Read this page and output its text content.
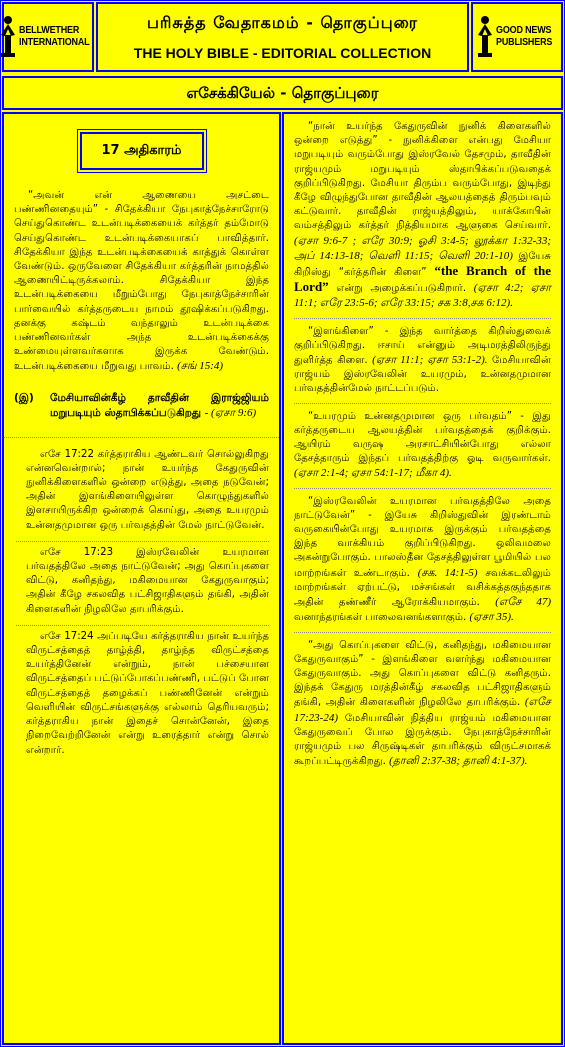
BELLWETHER
INTERNATIONAL
பரிசுத்த வேதாகமம் - தொகுப்புரை
THE HOLY BIBLE - EDITORIAL COLLECTION
GOOD NEWS
PUBLISHERS
எசேக்கியேல் - தொகுப்புரை
17 அதிகாரம்

“அவன் என் ஆணையை அசட்டை பண்ணினதையும்” - சிதேக்கியா நேபுகாத்நேச்சாரோடு செய்துகொண்ட உடன்படிக்கையைக் கர்த்தர் தம்மோடு செய்துகொண்ட உடன்படிக்கையாகப் பாவித்தார். சிதேக்கியா இந்த உடன்படிக்கையைக் காத்துக் கொள்ள வேண்டும். ஒருவேளை சிதேக்கியா கர்த்தரின் நாமத்தில் ஆணையிட்டிருக்கலாம். சிதேக்கியா இந்த உடன்படிக்கையை மீறும்போது நேபுகாத்நேச்சாரின் பார்வையில் கர்த்தருடைய நாமம் தூஷிக்கப்படுகிறது. தனக்கு கஷ்டம் வந்தாலும் உடன்படிக்கை பண்ணினவர்கள் அந்த உடன்படிக்கைக்கு உண்மையுள்ளவர்களாக இருக்க வேண்டும். உடன்படிக்கையை மீறுவது பாவம். (சங் 15:4)

(இ)	மேசியாவின்கீழ் தாவீதின் இராஜ்ஜியம் மறுபடியும் ஸ்தாபிக்கப்படுகிறது - (ஏசா 9:6)

எசே 17:22 கர்த்தராகிய ஆண்டவர் சொல்லுகிறது என்னவென்றால்; நான் உயர்ந்த கேதுருவின் நுனிக்கிளைகளில் ஒன்றை எடுத்து, அதை நடுவேன்; அதின் இளங்கிளையிலுள்ள கொழுந்துகளில் இளசாயிருக்கிற ஒன்றைக் கொய்து, அதை உயரமும் உன்னதமுமான ஒரு பர்வதத்தின் மேல் நாட்டுவேன்.

எசே 17:23 இஸ்ரவேலின் உயரமான பர்வதத்திலே அதை நாட்டுவேன்; அது கொப்புகளை விட்டு, கனிதந்து, மகிமையான கேதுருவாகும்; அதின் கீழே சகலவித பட்சிஜாதிகளும் தங்கி, அதின் கிளைகளின் நிழலிலே தாபரிக்கும்.

எசே 17:24 அப்படியே கர்த்தராகிய நான் உயர்ந்த விருட்சத்தைத் தாழ்த்தி, தாழ்ந்த விருட்சத்தை உயர்த்தினேன் என்றும், நான் பச்சையான விருட்சத்தைப் பட்டுப்போகப்பண்ணி, பட்டுப் போன விருட்சத்தைத் தழைக்கப் பண்ணினேன் என்றும் வெளியின் விருட்சங்களுக்கு எல்லாம் தெரியவரும்; கர்த்தராகிய நான் இதைச் சொன்னேன், இதை நிறைவேற்றினேன் என்று உரைத்தார் என்று சொல் என்றார்.

“நான் உயர்ந்த கேதுருவின் நுனிக் கிளைகளில் ஒன்றை எடுத்து” - நுனிக்கிளை என்பது மேசியா மறுபடியும் வரும்போது இஸ்ரவேல் தேசமும், தாவீதின் ராஜ்யமும் மறுபடியும் ஸ்தாபிக்கப்படுவதைக் குறிப்பிடுகிறது. மேசியா திரும்ப வரும்போது, இடிந்து கீழே விழுந்துபோன தாவீதின் ஆலயத்தைத் திரும்பவும் கட்டுவார். தாவீதின் ராஜ்யத்திலும், யாக்கோபின் வம்சத்திலும் கர்த்தர் நித்தியமாக ஆளுகை செய்வார். (ஏசா 9:6-7 ; எரே 30:9; ஓசி 3:4-5; லூக்கா 1:32-33; அப் 14:13-18; வெளி 11:15; வெளி 20:1-10) இயேசு கிறிஸ்து “கர்த்தரின் கிளை” “the Branch of the Lord” என்று அழைக்கப்படுகிறார். (ஏசா 4:2; ஏசா 11:1; எரே 23:5-6; எரே 33:15; சக 3:8,சக 6:12).

“இளங்கிளை” - இந்த வார்த்தை கிறிஸ்துவைக் குறிப்பிடுகிறது. ஈசாய் என்னும் அடிமரத்திலிருந்து துளிர்த்த கிளை. (ஏசா 11:1; ஏசா 53:1-2). மேசியாவின் ராஜ்யம் இஸ்ரவேலின் உயரமும், உன்னதமுமான பர்வதத்தின்மேல் நாட்டப்படும்.

“உயரமும் உன்னதமுமான ஒரு பர்வதம்” - இது கர்த்தருடைய ஆலயத்தின் பர்வதத்தைக் குறிக்கும். ஆயிரம் வருஷ அரசாட்சியின்போது எல்லா தேசத்தாரும் இந்தப் பர்வதத்திற்கு ஓடி வருவார்கள். (ஏசா 2:1-4; ஏசா 54:1-17; மீகா 4).

“இஸ்ரவேலின் உயரமான பர்வதத்திலே அதை நாட்டுவேன்” - இயேசு கிறிஸ்துவின் இரண்டாம் வருகையின்போது உயரமாக இருக்கும் பர்வதத்தை இந்த வாக்கியம் குறிப்பிடுகிறது. ஒலிவமலை அகன்றுபோகும். பாலஸ்தீன தேசத்திலுள்ள பூமியில் பல மாற்றங்கள் உண்டாகும். (சக. 14:1-5) சவக்கடலிலும் மாற்றங்கள் ஏற்பட்டு, மச்சங்கள் வசிக்கத்தகுந்ததாக அதின் தண்ணீர் ஆரோக்கியமாகும். (எசே 47) வனாந்தரங்கள் பாலைவனங்களாகும். (ஏசா 35).

“அது கொப்புகளை விட்டு, கனிதந்து, மகிமையான கேதுருவாகும்” - இளங்கிளை வளர்ந்து மகிமையான கேதுருவாகும். அது கொப்புகளை விட்டு கனிதரும். இந்தக் கேதுரு மரத்தின்கீழ் சகலவித பட்சிஜாதிகளும் தங்கி, அதின் கிளைகளின் நிழலிலே தாபரிக்கும். (எசே 17:23-24) மேசியாவின் நித்திய ராஜ்யம் மகிமையான கேதுருவைப் போல இருக்கும். நேபுகாத்நேச்சாரின் ராஜ்யமும் பல சிருஷ்டிகள் தாபரிக்கும் விருட்சமாகக் கூறப்பட்டிருக்கிறது. (தானி 2:37-38; தானி 4:1-37).
